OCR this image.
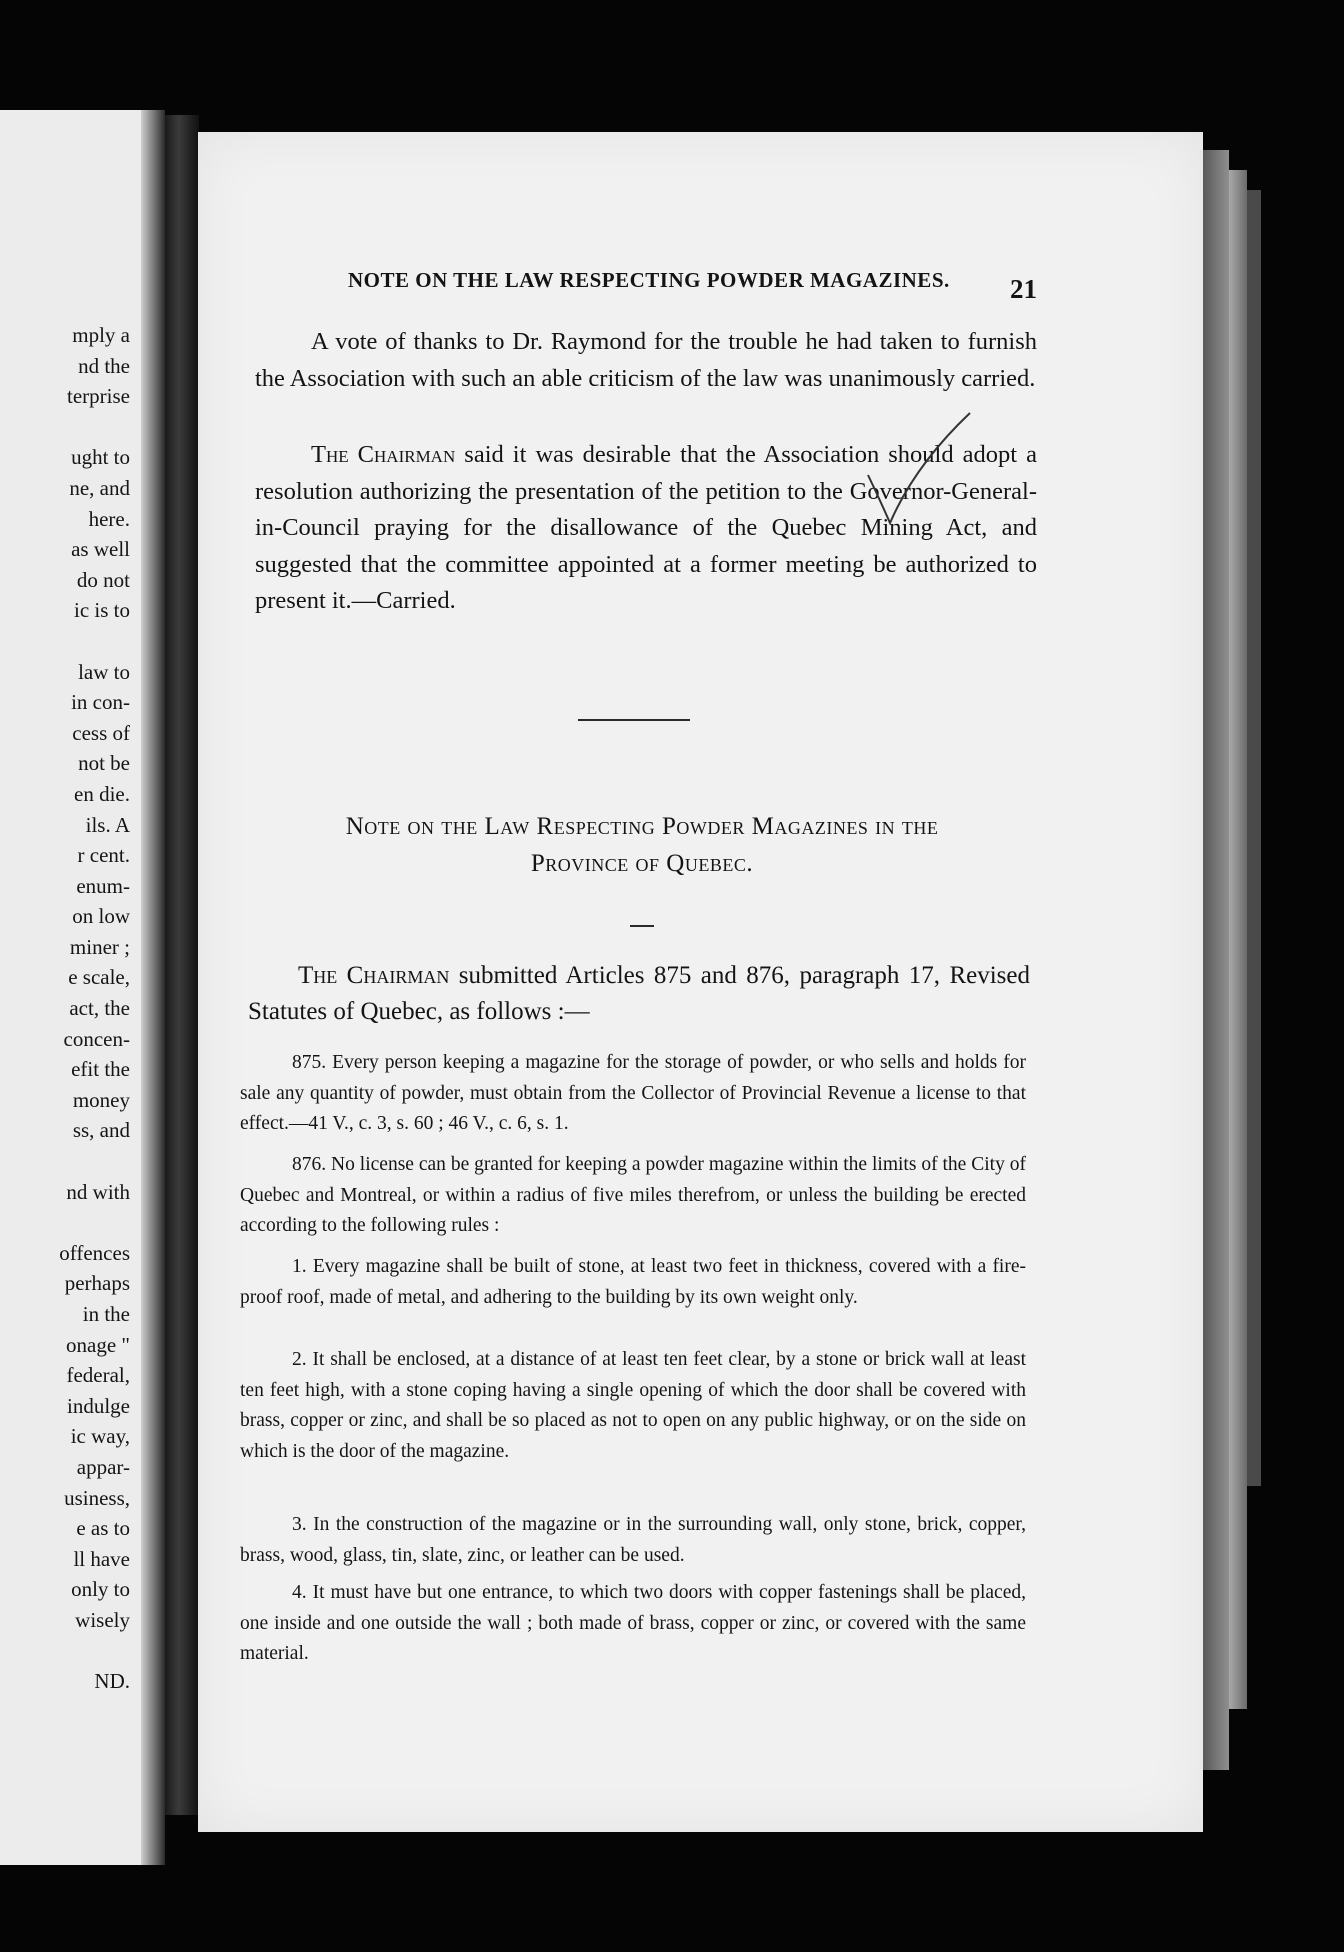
mply a
nd the
terprise
ught to
ne, and
here.
as well
do not
ic is to
law to
in con-
cess of
not be
en die.
ils. A
r cent.
enum-
on low
miner ;
e scale,
act, the
concen-
efit the
money
ss, and
nd with
offences
perhaps
in the
onage "
federal,
indulge
ic way,
appar-
usiness,
e as to
ll have
only to
wisely
ND.
NOTE ON THE LAW RESPECTING POWDER MAGAZINES.	21
A vote of thanks to Dr. Raymond for the trouble he had taken to furnish the Association with such an able criticism of the law was unanimously carried.
The Chairman said it was desirable that the Association should adopt a resolution authorizing the presentation of the petition to the Governor-General-in-Council praying for the disallowance of the Quebec Mining Act, and suggested that the committee appointed at a former meeting be authorized to present it.—Carried.
Note on the Law Respecting Powder Magazines in the
Province of Quebec.
The Chairman submitted Articles 875 and 876, paragraph 17, Revised Statutes of Quebec, as follows :—
875. Every person keeping a magazine for the storage of powder, or who sells and holds for sale any quantity of powder, must obtain from the Collector of Provincial Revenue a license to that effect.—41 V., c. 3, s. 60 ; 46 V., c. 6, s. 1.
876. No license can be granted for keeping a powder magazine within the limits of the City of Quebec and Montreal, or within a radius of five miles therefrom, or unless the building be erected according to the following rules :
1. Every magazine shall be built of stone, at least two feet in thickness, covered with a fire-proof roof, made of metal, and adhering to the building by its own weight only.
2. It shall be enclosed, at a distance of at least ten feet clear, by a stone or brick wall at least ten feet high, with a stone coping having a single opening of which the door shall be covered with brass, copper or zinc, and shall be so placed as not to open on any public highway, or on the side on which is the door of the magazine.
3. In the construction of the magazine or in the surrounding wall, only stone, brick, copper, brass, wood, glass, tin, slate, zinc, or leather can be used.
4. It must have but one entrance, to which two doors with copper fastenings shall be placed, one inside and one outside the wall ; both made of brass, copper or zinc, or covered with the same material.
